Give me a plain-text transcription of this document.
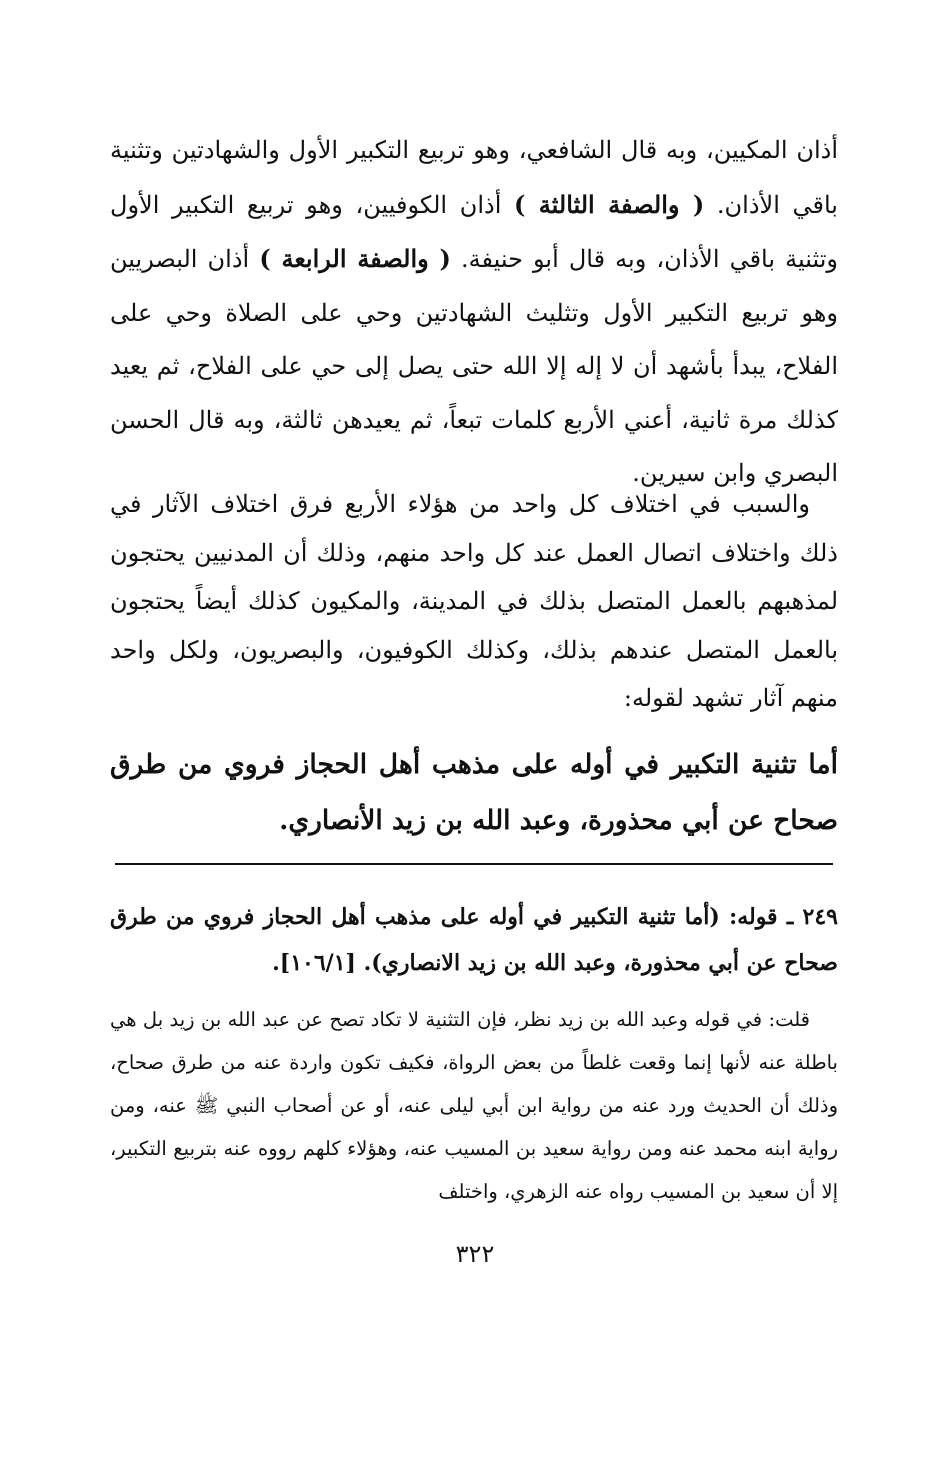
أذان المكيين، وبه قال الشافعي، وهو تربيع التكبير الأول والشهادتين وتثنية باقي الأذان. ( والصفة الثالثة ) أذان الكوفيين، وهو تربيع التكبير الأول وتثنية باقي الأذان، وبه قال أبو حنيفة. ( والصفة الرابعة ) أذان البصريين وهو تربيع التكبير الأول وتثليث الشهادتين وحي على الصلاة وحي على الفلاح، يبدأ بأشهد أن لا إله إلا الله حتى يصل إلى حي على الفلاح، ثم يعيد كذلك مرة ثانية، أعني الأربع كلمات تبعاً، ثم يعيدهن ثالثة، وبه قال الحسن البصري وابن سيرين.
والسبب في اختلاف كل واحد من هؤلاء الأربع فرق اختلاف الآثار في ذلك واختلاف اتصال العمل عند كل واحد منهم، وذلك أن المدنيين يحتجون لمذهبهم بالعمل المتصل بذلك في المدينة، والمكيون كذلك أيضاً يحتجون بالعمل المتصل عندهم بذلك، وكذلك الكوفيون، والبصريون، ولكل واحد منهم آثار تشهد لقوله:
أما تثنية التكبير في أوله على مذهب أهل الحجاز فروي من طرق صحاح عن أبي محذورة، وعبد الله بن زيد الأنصاري.
٢٤٩ ـ قوله: (أما تثنية التكبير في أوله على مذهب أهل الحجاز فروي من طرق صحاح عن أبي محذورة، وعبد الله بن زيد الانصاري). [١٠٦/١].
قلت: في قوله وعبد الله بن زيد نظر، فإن التثنية لا تكاد تصح عن عبد الله بن زيد بل هي باطلة عنه لأنها إنما وقعت غلطاً من بعض الرواة، فكيف تكون واردة عنه من طرق صحاح، وذلك أن الحديث ورد عنه من رواية ابن أبي ليلى عنه، أو عن أصحاب النبي ﷺ عنه، ومن رواية ابنه محمد عنه ومن رواية سعيد بن المسيب عنه، وهؤلاء كلهم رووه عنه بتربيع التكبير، إلا أن سعيد بن المسيب رواه عنه الزهري، واختلف
٣٢٢
